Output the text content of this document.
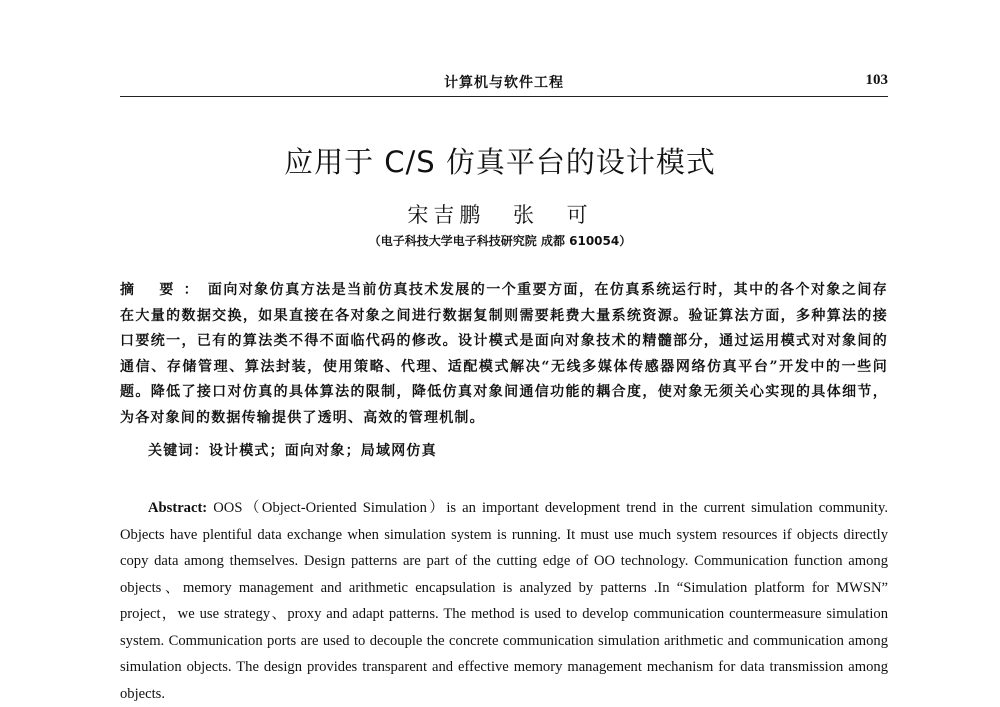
计算机与软件工程	103
应用于 C/S 仿真平台的设计模式
宋吉鹏 张 可
（电子科技大学电子科技研究院 成都 610054）
摘 要：面向对象仿真方法是当前仿真技术发展的一个重要方面，在仿真系统运行时，其中的各个对象之间存在大量的数据交换，如果直接在各对象之间进行数据复制则需要耗费大量系统资源。验证算法方面，多种算法的接口要统一，已有的算法类不得不面临代码的修改。设计模式是面向对象技术的精髓部分，通过运用模式对对象间的通信、存储管理、算法封装，使用策略、代理、适配模式解决“无线多媒体传感器网络仿真平台”开发中的一些问题。降低了接口对仿真的具体算法的限制，降低仿真对象间通信功能的耦合度，使对象无须关心实现的具体细节，为各对象间的数据传输提供了透明、高效的管理机制。
关键词：设计模式；面向对象；局域网仿真
Abstract: OOS（Object-Oriented Simulation）is an important development trend in the current simulation community. Objects have plentiful data exchange when simulation system is running. It must use much system resources if objects directly copy data among themselves. Design patterns are part of the cutting edge of OO technology. Communication function among objects、memory management and arithmetic encapsulation is analyzed by patterns .In “Simulation platform for MWSN” project，we use strategy、proxy and adapt patterns. The method is used to develop communication countermeasure simulation system. Communication ports are used to decouple the concrete communication simulation arithmetic and communication among simulation objects. The design provides transparent and effective memory management mechanism for data transmission among objects.
